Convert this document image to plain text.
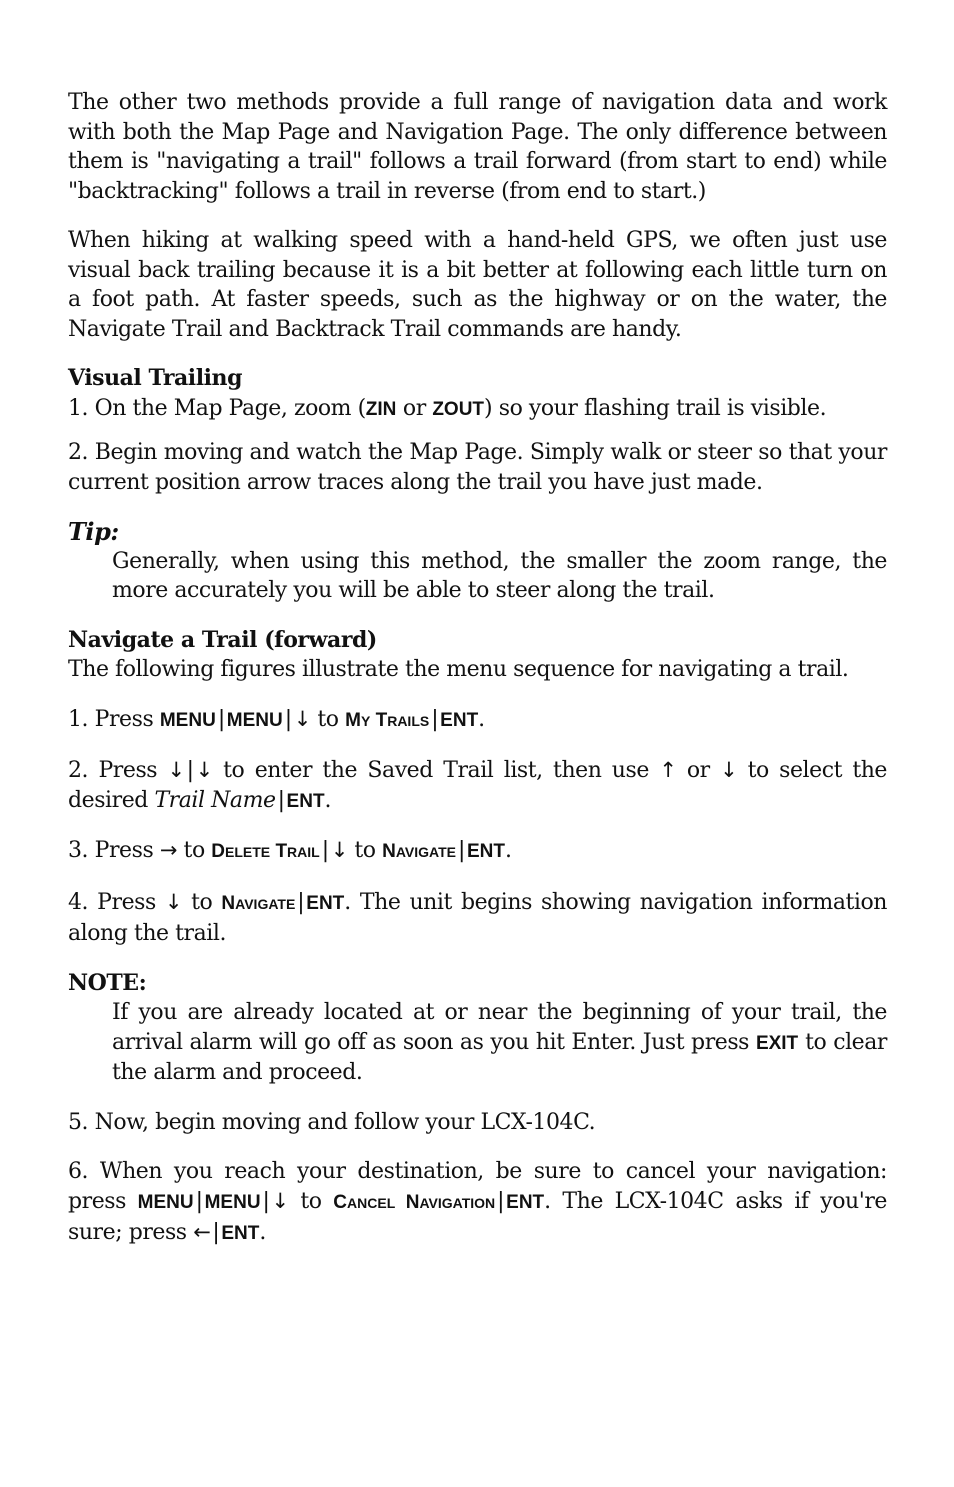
The other two methods provide a full range of navigation data and work with both the Map Page and Navigation Page. The only difference between them is "navigating a trail" follows a trail forward (from start to end) while "backtracking" follows a trail in reverse (from end to start.)

When hiking at walking speed with a hand-held GPS, we often just use visual back trailing because it is a bit better at following each little turn on a foot path. At faster speeds, such as the highway or on the water, the Navigate Trail and Backtrack Trail commands are handy.

Visual Trailing

1. On the Map Page, zoom (ZIN or ZOUT) so your flashing trail is visible.

2. Begin moving and watch the Map Page. Simply walk or steer so that your current position arrow traces along the trail you have just made.

Tip:

Generally, when using this method, the smaller the zoom range, the more accurately you will be able to steer along the trail.

Navigate a Trail (forward)

The following figures illustrate the menu sequence for navigating a trail.

1. Press MENU| MENU|↓ to MY TRAILS| ENT.

2. Press ↓|↓ to enter the Saved Trail list, then use ↑ or ↓ to select the desired Trail Name| ENT.

3. Press → to DELETE TRAIL|↓ to NAVIGATE| ENT.

4. Press ↓ to NAVIGATE| ENT. The unit begins showing navigation information along the trail.

NOTE:

If you are already located at or near the beginning of your trail, the arrival alarm will go off as soon as you hit Enter. Just press EXIT to clear the alarm and proceed.

5. Now, begin moving and follow your LCX-104C.

6. When you reach your destination, be sure to cancel your navigation: press MENU| MENU|↓ to CANCEL NAVIGATION| ENT. The LCX-104C asks if you're sure; press ←| ENT.
